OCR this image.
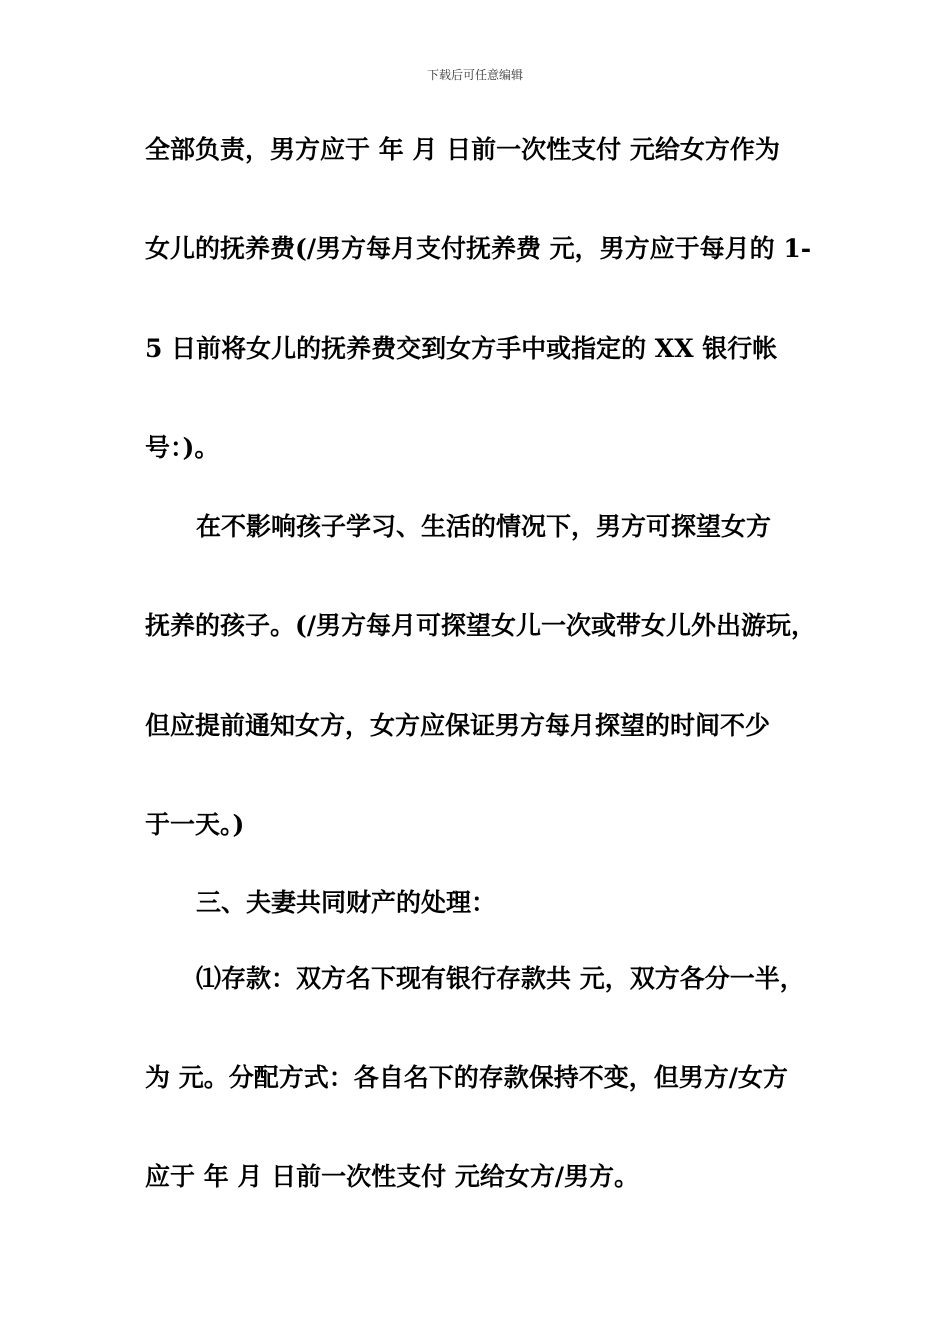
下载后可任意编辑
全部负责，男方应于 年 月 日前一次性支付 元给女方作为
女儿的抚养费(/男方每月支付抚养费 元，男方应于每月的 1-
5 日前将女儿的抚养费交到女方手中或指定的 XX 银行帐
号：)。
在不影响孩子学习、生活的情况下，男方可探望女方
抚养的孩子。(/男方每月可探望女儿一次或带女儿外出游玩，
但应提前通知女方，女方应保证男方每月探望的时间不少
于一天。)
三、夫妻共同财产的处理：
⑴存款：双方名下现有银行存款共 元，双方各分一半，
为 元。分配方式：各自名下的存款保持不变，但男方/女方
应于 年 月 日前一次性支付 元给女方/男方。
